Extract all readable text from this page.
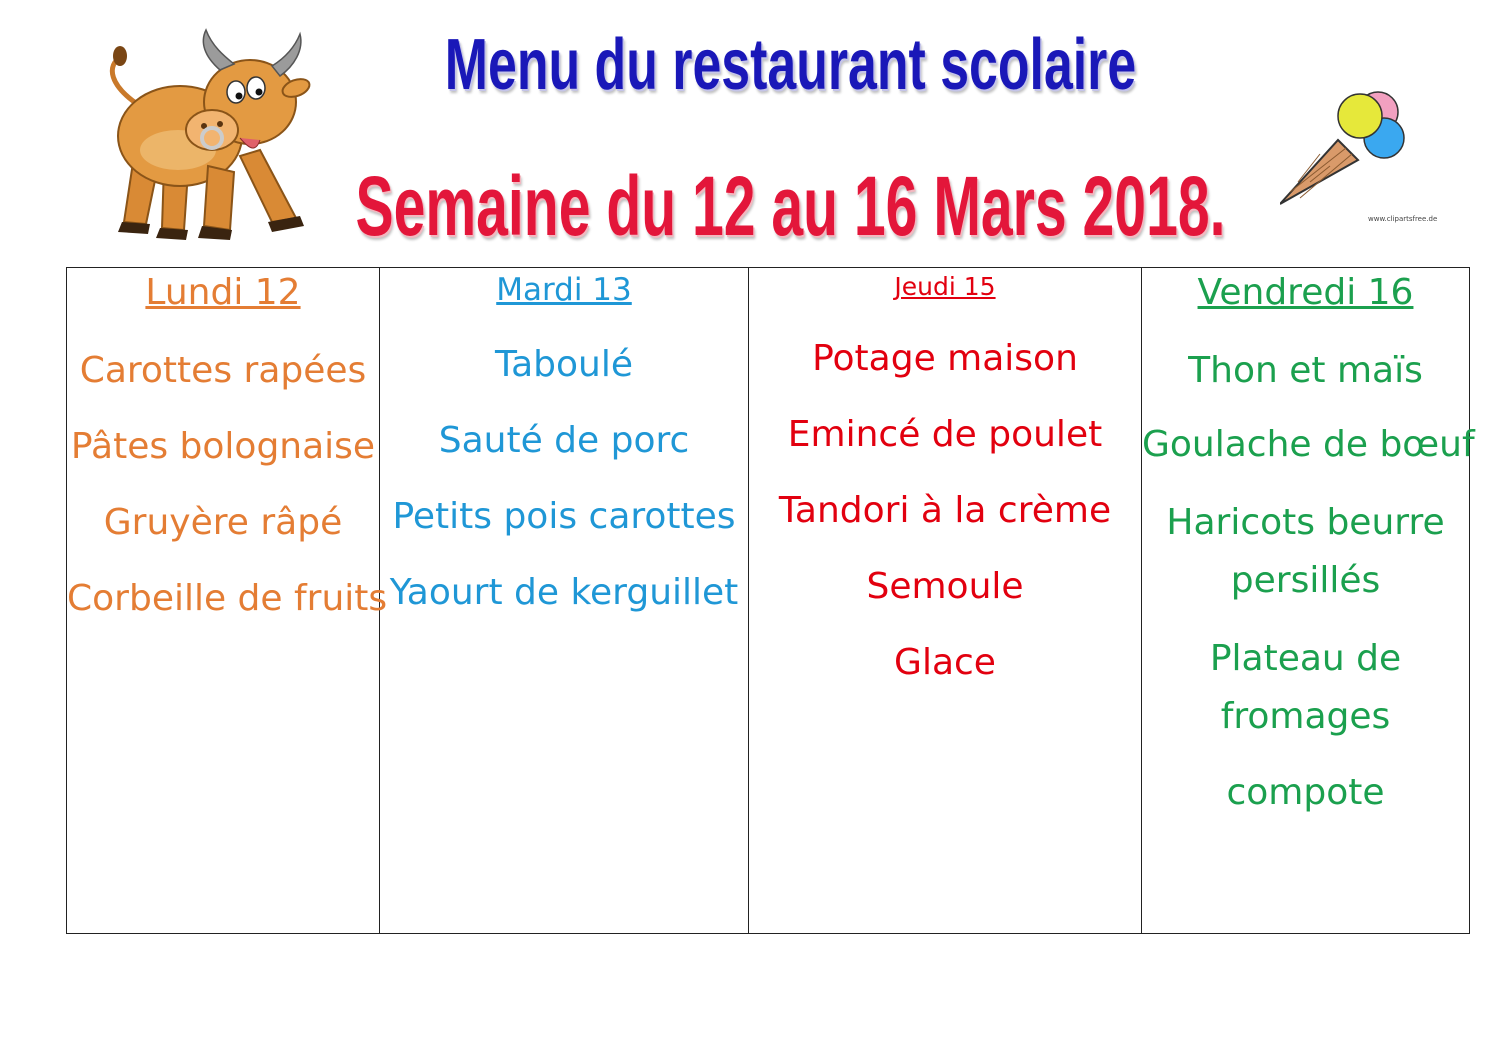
Menu du restaurant scolaire
Semaine du 12 au 16 Mars 2018.	www.clipartsfree.de
Lundi 12
Carottes rapées
Pâtes bolognaise
Gruyère râpé
Corbeille de fruits
Mardi 13
Taboulé
Sauté de porc
Petits pois carottes
Yaourt de kerguillet
Jeudi 15
Potage maison
Emincé de poulet
Tandori à la crème
Semoule
Glace
Vendredi 16
Thon et maïs
Goulache de bœuf
Haricots beurre
persillés
Plateau de
fromages
compote
